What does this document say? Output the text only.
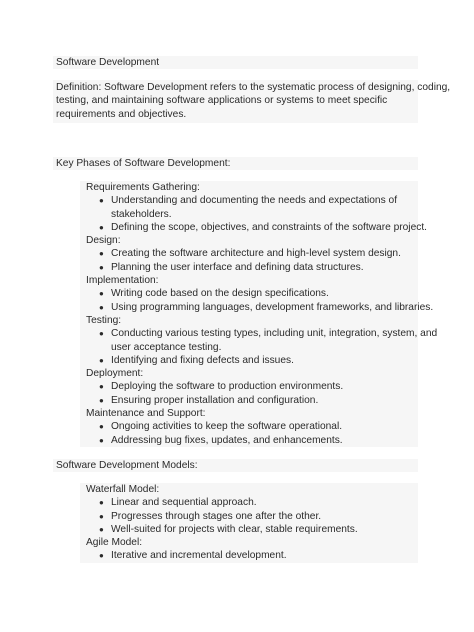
Software Development
Definition: Software Development refers to the systematic process of designing, coding,
testing, and maintaining software applications or systems to meet specific
requirements and objectives.
Key Phases of Software Development:
Requirements Gathering:
● Understanding and documenting the needs and expectations of
stakeholders.
● Defining the scope, objectives, and constraints of the software project.
Design:
● Creating the software architecture and high-level system design.
● Planning the user interface and defining data structures.
Implementation:
● Writing code based on the design specifications.
● Using programming languages, development frameworks, and libraries.
Testing:
● Conducting various testing types, including unit, integration, system, and
user acceptance testing.
● Identifying and fixing defects and issues.
Deployment:
● Deploying the software to production environments.
● Ensuring proper installation and configuration.
Maintenance and Support:
● Ongoing activities to keep the software operational.
● Addressing bug fixes, updates, and enhancements.
Software Development Models:
Waterfall Model:
● Linear and sequential approach.
● Progresses through stages one after the other.
● Well-suited for projects with clear, stable requirements.
Agile Model:
● Iterative and incremental development.
